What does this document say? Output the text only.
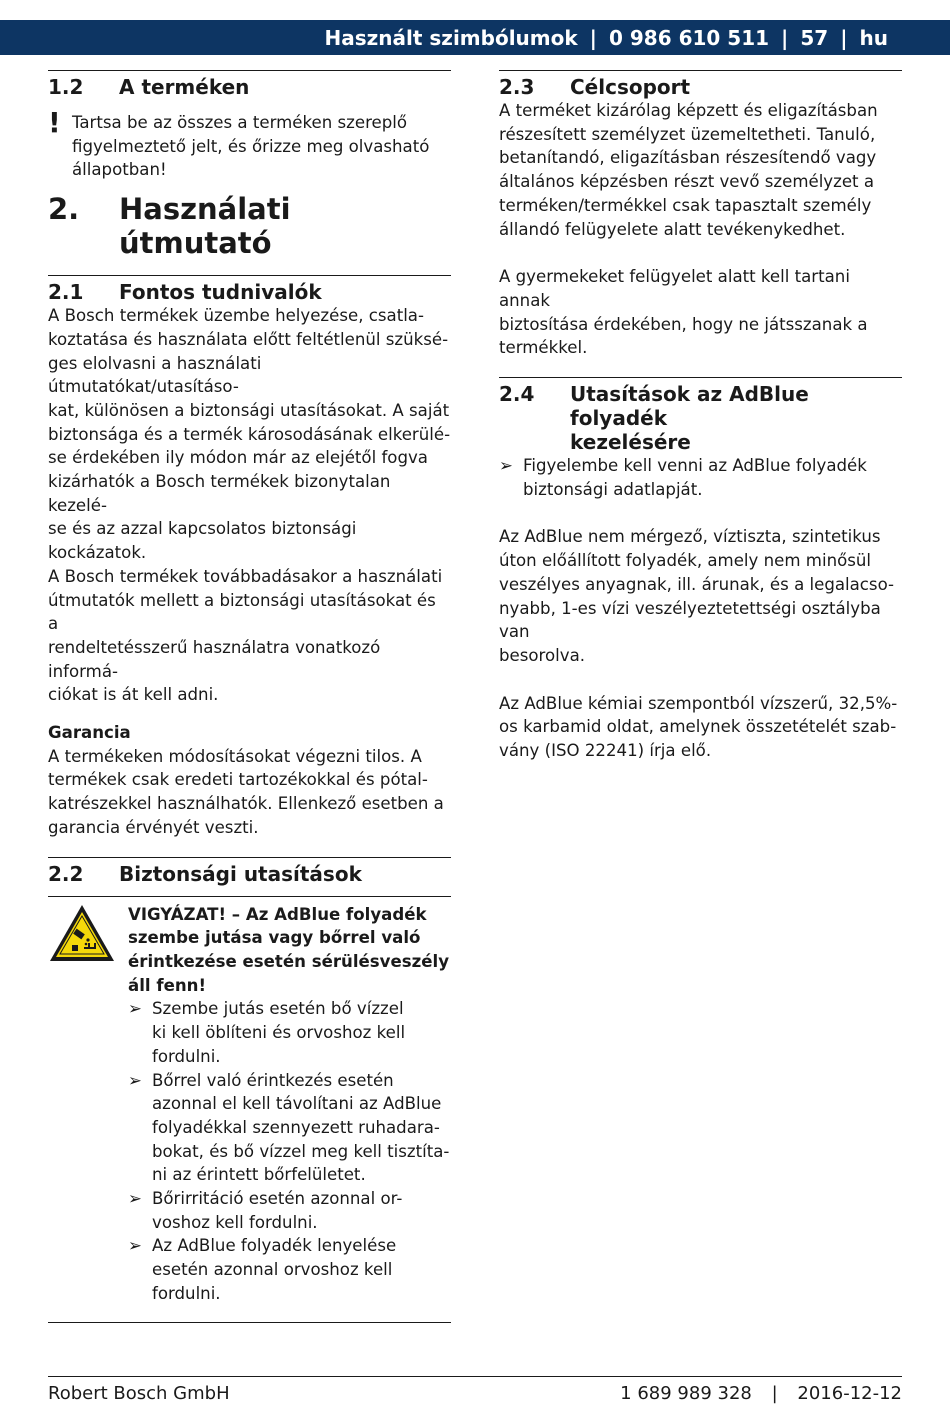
Használt szimbólumok | 0 986 610 511 | 57 | hu
1.2	A terméken
! Tartsa be az összes a terméken szereplő

figyelmeztető jelt, és őrizze meg olvasható

állapotban!

2.	Használati útmutató
2.1	Fontos tudnivalók

A Bosch termékek üzembe helyezése, csatla-

koztatása és használata előtt feltétlenül szüksé-

ges elolvasni a használati útmutatókat/utasításo-

kat, különösen a biztonsági utasításokat. A saját

biztonsága és a termék károsodásának elkerülé-

se érdekében ily módon már az elejétől fogva

kizárhatók a Bosch termékek bizonytalan kezelé-

se és az azzal kapcsolatos biztonsági kockázatok.

A Bosch termékek továbbadásakor a használati

útmutatók mellett a biztonsági utasításokat és a

rendeltetésszerű használatra vonatkozó informá-

ciókat is át kell adni.

Garancia

A termékeken módosításokat végezni tilos. A

termékek csak eredeti tartozékokkal és pótal-

katrészekkel használhatók. Ellenkező esetben a

garancia érvényét veszti.

2.2	Biztonsági utasítások

VIGYÁZAT! – Az AdBlue folyadék

szembe jutása vagy bőrrel való

érintkezése esetén sérülésveszély

áll fenn!

➢ Szembe jutás esetén bő vízzel
ki kell öblíteni és orvoshoz kell
fordulni.
➢ Bőrrel való érintkezés esetén
azonnal el kell távolítani az AdBlue
folyadékkal szennyezett ruhadara-
bokat, és bő vízzel meg kell tisztíta-
ni az érintett bőrfelületet.
➢ Bőrirritáció esetén azonnal or-
voshoz kell fordulni.
➢ Az AdBlue folyadék lenyelése
esetén azonnal orvoshoz kell
fordulni.
2.3	Célcsoport

A terméket kizárólag képzett és eligazításban

részesített személyzet üzemeltetheti. Tanuló,

betanítandó, eligazításban részesítendő vagy

általános képzésben részt vevő személyzet a

terméken/termékkel csak tapasztalt személy

állandó felügyelete alatt tevékenykedhet.

A gyermekeket felügyelet alatt kell tartani annak

biztosítása érdekében, hogy ne játsszanak a

termékkel.

2.4	Utasítások az AdBlue folyadék
kezelésére
➢ Figyelembe kell venni az AdBlue folyadék
biztonsági adatlapját.

Az AdBlue nem mérgező, víztiszta, szintetikus

úton előállított folyadék, amely nem minősül

veszélyes anyagnak, ill. árunak, és a legalacso-

nyabb, 1-es vízi veszélyeztetettségi osztályba van

besorolva.

Az AdBlue kémiai szempontból vízszerű, 32,5%-

os karbamid oldat, amelynek összetételét szab-

vány (ISO 22241) írja elő.

Robert Bosch GmbH	1 689 989 328 | 2016-12-12
